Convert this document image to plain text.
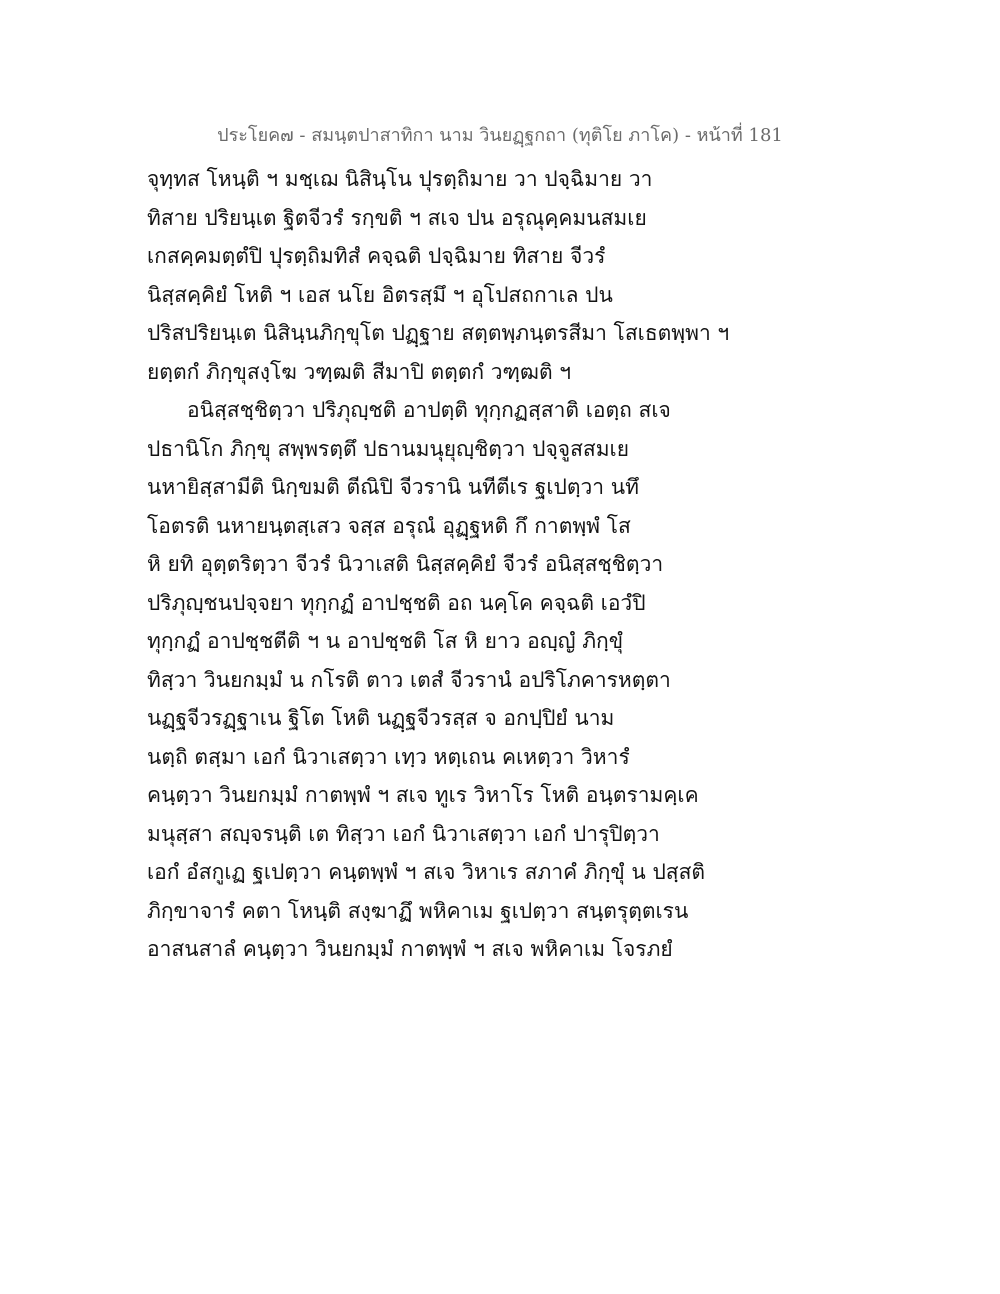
ประโยค๗ - สมนฺตปาสาทิกา นาม วินยฏฺฐกถา (ทุติโย ภาโค) - หน้าที่ 181
จุทฺทส โหนฺติ ฯ มชฺเฌ นิสินฺโน ปุรตฺถิมาย วา ปจฺฉิมาย วา
ทิสาย ปริยนฺเต ฐิตจีวรํ รกฺขติ ฯ สเจ ปน อรุณุคฺคมนสมเย
เกสคฺคมตฺตํปิ ปุรตฺถิมทิสํ คจฺฉติ ปจฺฉิมาย ทิสาย จีวรํ
นิสฺสคฺคิยํ โหติ ฯ เอส นโย อิตรสฺมึ ฯ อุโปสถกาเล ปน
ปริสปริยนฺเต นิสินฺนภิกฺขุโต ปฏฺฐาย สตฺตพฺภนฺตรสีมา โสเธตพฺพา ฯ
ยตฺตกํ ภิกฺขุสงฺโฆ วฑฺฒติ สีมาปิ ตตฺตกํ วฑฺฒติ ฯ
อนิสฺสชฺชิตฺวา ปริภุญฺชติ อาปตฺติ ทุกฺกฏสฺสาติ เอตฺถ สเจ
ปธานิโก ภิกฺขุ สพฺพรตฺตึ ปธานมนุยุญฺชิตฺวา ปจฺจูสสมเย
นหายิสฺสามีติ นิกฺขมติ ตีณิปิ จีวรานิ นทีตีเร ฐเปตฺวา นทึ
โอตรติ นหายนฺตสฺเสว จสฺส อรุณํ อุฏฺฐหติ กึ กาตพฺพํ โส
หิ ยทิ อุตฺตริตฺวา จีวรํ นิวาเสติ นิสฺสคฺคิยํ จีวรํ อนิสฺสชฺชิตฺวา
ปริภุญฺชนปจฺจยา ทุกฺกฏํ อาปชฺชติ อถ นคฺโค คจฺฉติ เอวํปิ
ทุกฺกฏํ อาปชฺชตีติ ฯ น อาปชฺชติ โส หิ ยาว อญฺญํ ภิกฺขุํ
ทิสฺวา วินยกมฺมํ น กโรติ ตาว เตสํ จีวรานํ อปริโภคารหตฺตา
นฏฺฐจีวรฏฺฐาเน ฐิโต โหติ นฏฺฐจีวรสฺส จ อกปฺปิยํ นาม
นตฺถิ ตสฺมา เอกํ นิวาเสตฺวา เทฺว หตฺเถน คเหตฺวา วิหารํ
คนฺตฺวา วินยกมฺมํ กาตพฺพํ ฯ สเจ ทูเร วิหาโร โหติ อนฺตรามคฺเค
มนุสฺสา สญฺจรนฺติ เต ทิสฺวา เอกํ นิวาเสตฺวา เอกํ ปารุปิตฺวา
เอกํ อํสกูเฏ ฐเปตฺวา คนฺตพฺพํ ฯ สเจ วิหาเร สภาคํ ภิกฺขุํ น ปสฺสติ
ภิกฺขาจารํ คตา โหนฺติ สงฺฆาฏึ พหิคาเม ฐเปตฺวา สนฺตรุตฺตเรน
อาสนสาลํ คนฺตฺวา วินยกมฺมํ กาตพฺพํ ฯ สเจ พหิคาเม โจรภยํ
